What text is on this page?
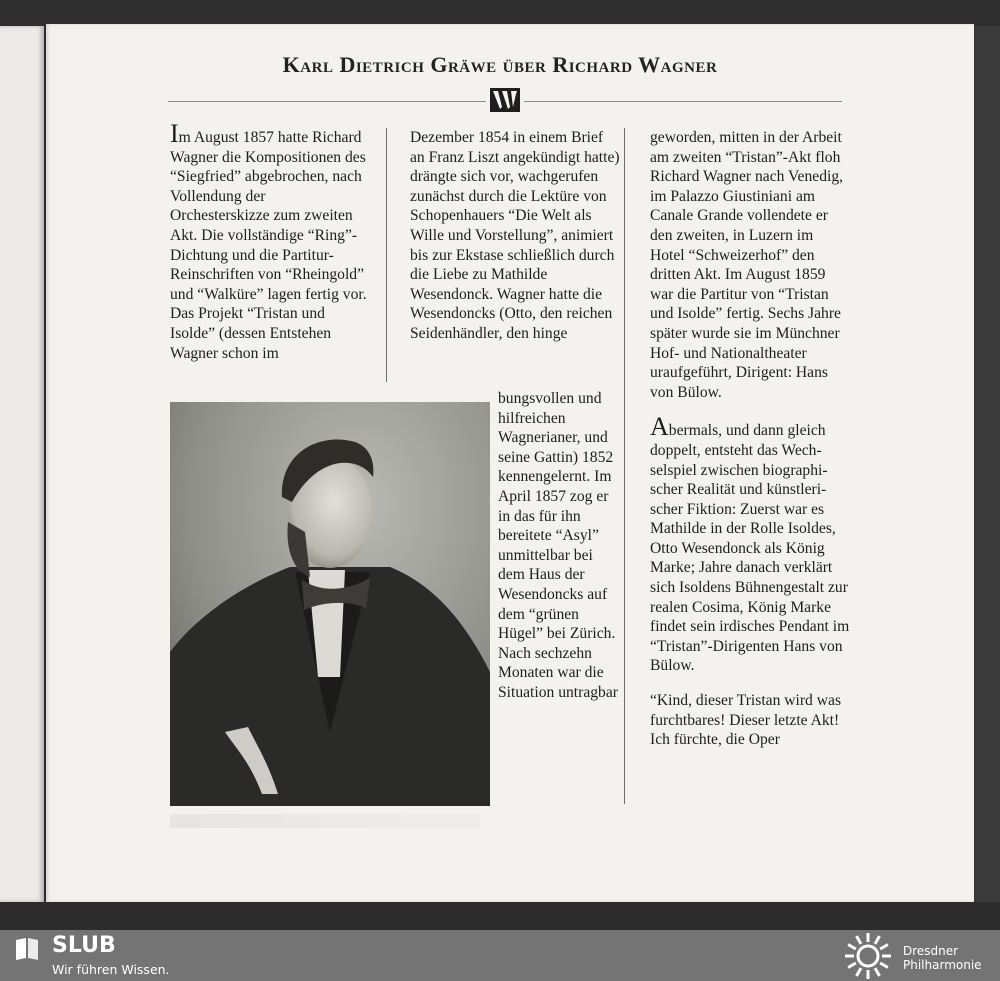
Karl Dietrich Gräwe über Richard Wagner

Im August 1857 hatte Richard Wagner die Kompositionen des “Siegfried” abgebrochen, nach Vollendung der Orchesterskizze zum zweiten Akt. Die vollständige “Ring”-Dichtung und die Partitur-Reinschriften von “Rheingold” und “Walküre” lagen fertig vor. Das Projekt “Tristan und Isolde” (dessen Entstehen Wagner schon im

Dezember 1854 in einem Brief an Franz Liszt angekündigt hatte) drängte sich vor, wachgerufen zunächst durch die Lektüre von Schopenhauers “Die Welt als Wille und Vorstellung”, animiert bis zur Ekstase schließlich durch die Liebe zu Mathilde Wesendonck. Wagner hatte die Wesendoncks (Otto, den reichen Seidenhändler, den hinge

bungsvollen und hilfreichen Wagnerianer, und seine Gattin) 1852 kennengelernt. Im April 1857 zog er in das für ihn bereitete “Asyl” unmittelbar bei dem Haus der Wesendoncks auf dem “grünen Hügel” bei Zürich. Nach sechzehn Monaten war die Situation untragbar

geworden, mitten in der Arbeit am zweiten “Tristan”-Akt floh Richard Wagner nach Venedig, im Palazzo Giustiniani am Canale Grande vollendete er den zweiten, in Luzern im Hotel “Schweizerhof” den dritten Akt. Im August 1859 war die Partitur von “Tristan und Isolde” fertig. Sechs Jahre später wurde sie im Münchner Hof- und Nationaltheater uraufgeführt, Dirigent: Hans von Bülow.

Abermals, und dann gleich doppelt, entsteht das Wechselspiel zwischen biographischer Realität und künstlerischer Fiktion: Zuerst war es Mathilde in der Rolle Isoldes, Otto Wesendonck als König Marke; Jahre danach verklärt sich Isoldens Bühnengestalt zur realen Cosima, König Marke findet sein irdisches Pendant im “Tristan”-Dirigenten Hans von Bülow.

“Kind, dieser Tristan wird was furchtbares! Dieser letzte Akt! Ich fürchte, die Oper

SLUB
Wir führen Wissen.
Dresdner
Philharmonie
